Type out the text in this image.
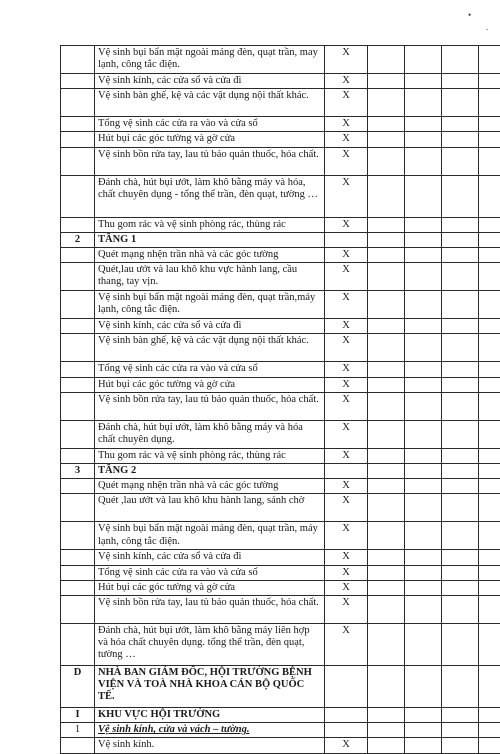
•
.
	Vệ sinh bụi bẩn mặt ngoài máng đèn, quạt trần, may lạnh, công tắc điện.	X				
	Vệ sinh kính, các cửa sổ và cửa đi	X				
	Vệ sinh bàn ghế, kệ và các vật dụng nội thất khác.	X				
	Tổng vệ sinh các cửa ra vào và cửa sổ	X				
	Hút bụi các góc tường và gờ cửa	X				
	Vệ sinh bồn rửa tay, lau tủ bảo quản thuốc, hóa chất.	X				
	Đánh chà, hút bụi ướt, làm khô bằng máy và hóa, chất chuyên dụng - tổng thể trần, đèn quạt, tường …	X				
	Thu gom rác và vệ sinh phòng rác, thùng rác	X				
2	TẦNG 1					
	Quét mạng nhện trần nhà và các góc tường	X				
	Quét,lau ướt và lau khô khu vực hành lang, cầu thang, tay vịn.	X				
	Vệ sinh bụi bẩn mặt ngoài máng đèn, quạt trần,máy lạnh, công tắc điện.	X				
	Vệ sinh kính, các cửa sổ và cửa đi	X				
	Vệ sinh bàn ghế, kệ và các vật dụng nội thất khác.	X				
	Tổng vệ sinh các cửa ra vào và cửa sổ	X				
	Hút bụi các góc tường và gờ cửa	X				
	Vệ sinh bồn rửa tay, lau tủ bảo quản thuốc, hóa chất.	X				
	Đánh chà, hút bụi ướt, làm khô bằng máy và hóa chất chuyên dụng.	X				
	Thu gom rác và vệ sinh phòng rác, thùng rác	X				
3	TẦNG 2					
	Quét mạng nhện trần nhà và các góc tường	X				
	Quét ,lau ướt và lau khô khu hành lang, sảnh chờ	X				
	Vệ sinh bụi bẩn mặt ngoài máng đèn, quạt trần, máy lạnh, công tắc điện.	X				
	Vệ sinh kính, các cửa sổ và cửa đi	X				
	Tổng vệ sinh các cửa ra vào và cửa sổ	X				
	Hút bụi các góc tường và gờ cửa	X				
	Vệ sinh bồn rửa tay, lau tủ bảo quản thuốc, hóa chất.	X				
	Đánh chà, hút bụi ướt, làm khô bằng máy liên hợp và hóa chất chuyên dụng. tổng thể trần, đèn quạt, tường …	X				
D	NHÀ BAN GIÁM ĐỐC, HỘI TRƯỜNG BỆNH VIỆN VÀ TOÀ NHÀ KHOA CÁN BỘ QUỐC TẾ.					
I	KHU VỰC HỘI TRƯỜNG					
1	Vệ sinh kính, cửa và vách – tường.					
	Vệ sinh kính.	X				
